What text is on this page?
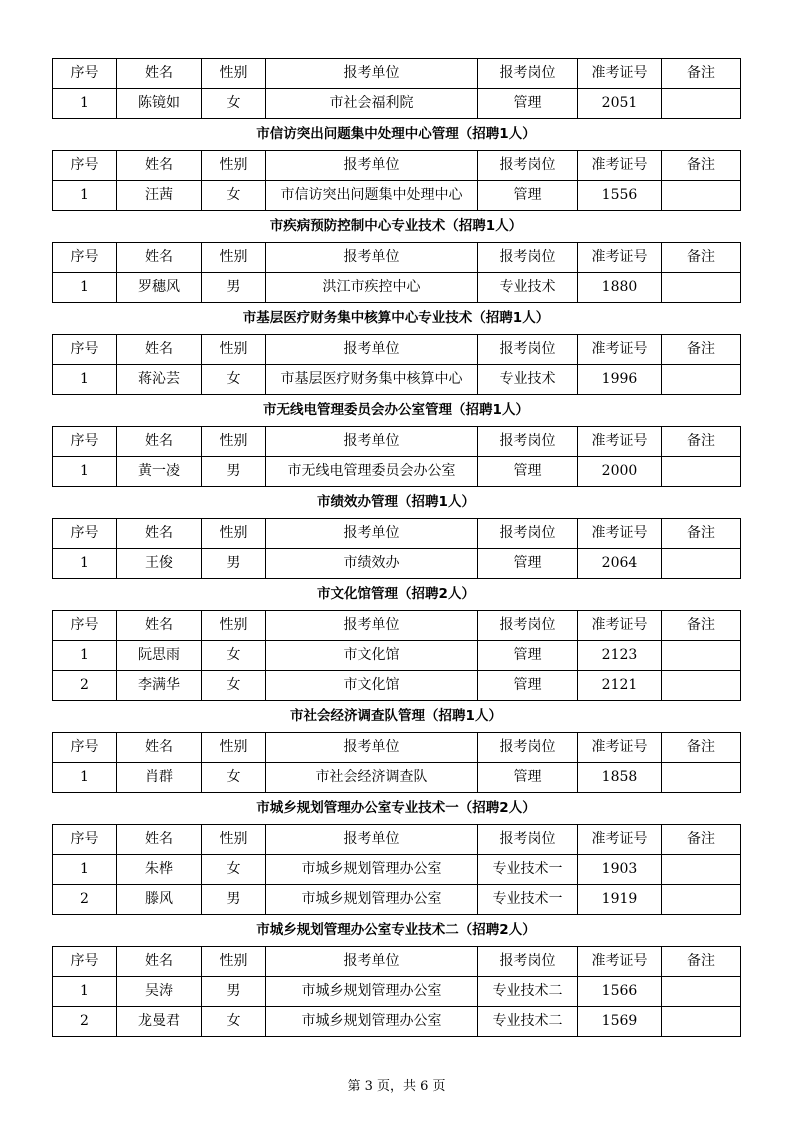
序号	姓名	性别	报考单位	报考岗位	准考证号	备注
1	陈镜如	女	市社会福利院	管理	2051	
市信访突出问题集中处理中心管理（招聘1人）
序号	姓名	性别	报考单位	报考岗位	准考证号	备注
1	汪茜	女	市信访突出问题集中处理中心	管理	1556	
市疾病预防控制中心专业技术（招聘1人）
序号	姓名	性别	报考单位	报考岗位	准考证号	备注
1	罗穗风	男	洪江市疾控中心	专业技术	1880	
市基层医疗财务集中核算中心专业技术（招聘1人）
序号	姓名	性别	报考单位	报考岗位	准考证号	备注
1	蒋沁芸	女	市基层医疗财务集中核算中心	专业技术	1996	
市无线电管理委员会办公室管理（招聘1人）
序号	姓名	性别	报考单位	报考岗位	准考证号	备注
1	黄一凌	男	市无线电管理委员会办公室	管理	2000	
市绩效办管理（招聘1人）
序号	姓名	性别	报考单位	报考岗位	准考证号	备注
1	王俊	男	市绩效办	管理	2064	
市文化馆管理（招聘2人）
序号	姓名	性别	报考单位	报考岗位	准考证号	备注
1	阮思雨	女	市文化馆	管理	2123	
2	李满华	女	市文化馆	管理	2121	
市社会经济调查队管理（招聘1人）
序号	姓名	性别	报考单位	报考岗位	准考证号	备注
1	肖群	女	市社会经济调查队	管理	1858	
市城乡规划管理办公室专业技术一（招聘2人）
序号	姓名	性别	报考单位	报考岗位	准考证号	备注
1	朱桦	女	市城乡规划管理办公室	专业技术一	1903	
2	滕风	男	市城乡规划管理办公室	专业技术一	1919	
市城乡规划管理办公室专业技术二（招聘2人）
序号	姓名	性别	报考单位	报考岗位	准考证号	备注
1	吴涛	男	市城乡规划管理办公室	专业技术二	1566	
2	龙曼君	女	市城乡规划管理办公室	专业技术二	1569	
第 3 页，共 6 页
